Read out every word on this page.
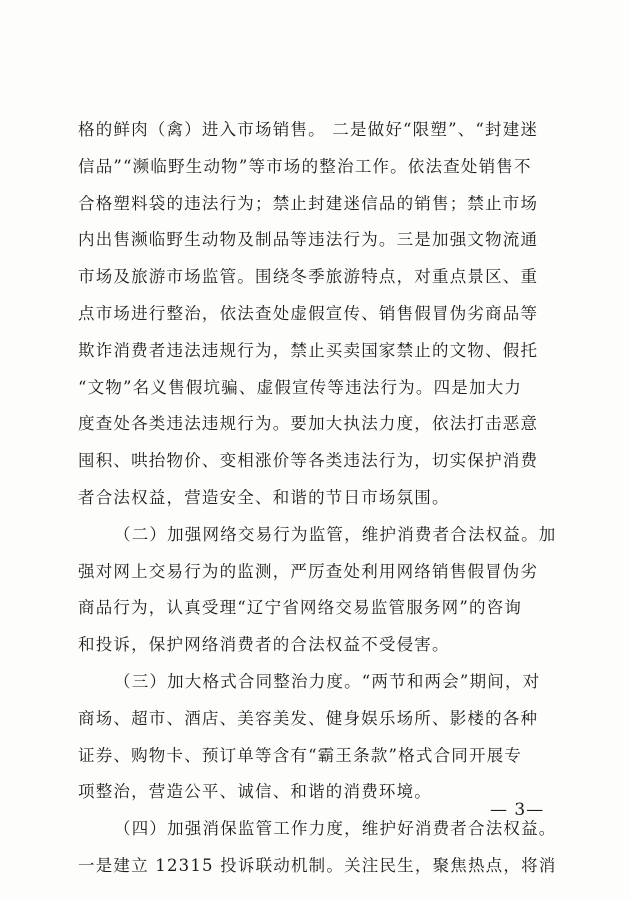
格的鲜肉（禽）进入市场销售。 二是做好“限塑”、“封建迷
信品”“濒临野生动物”等市场的整治工作。依法查处销售不
合格塑料袋的违法行为；禁止封建迷信品的销售；禁止市场
内出售濒临野生动物及制品等违法行为。三是加强文物流通
市场及旅游市场监管。围绕冬季旅游特点，对重点景区、重
点市场进行整治，依法查处虚假宣传、销售假冒伪劣商品等
欺诈消费者违法违规行为，禁止买卖国家禁止的文物、假托
“文物”名义售假坑骗、虚假宣传等违法行为。四是加大力
度查处各类违法违规行为。要加大执法力度，依法打击恶意
囤积、哄抬物价、变相涨价等各类违法行为，切实保护消费
者合法权益，营造安全、和谐的节日市场氛围。
（二）加强网络交易行为监管，维护消费者合法权益。加
强对网上交易行为的监测，严厉查处利用网络销售假冒伪劣
商品行为，认真受理“辽宁省网络交易监管服务网”的咨询
和投诉，保护网络消费者的合法权益不受侵害。
（三）加大格式合同整治力度。“两节和两会”期间，对
商场、超市、酒店、美容美发、健身娱乐场所、影楼的各种
证券、购物卡、预订单等含有“霸王条款”格式合同开展专
项整治，营造公平、诚信、和谐的消费环境。
（四）加强消保监管工作力度，维护好消费者合法权益。
一是建立 12315 投诉联动机制。关注民生，聚焦热点，将消
— 3—
